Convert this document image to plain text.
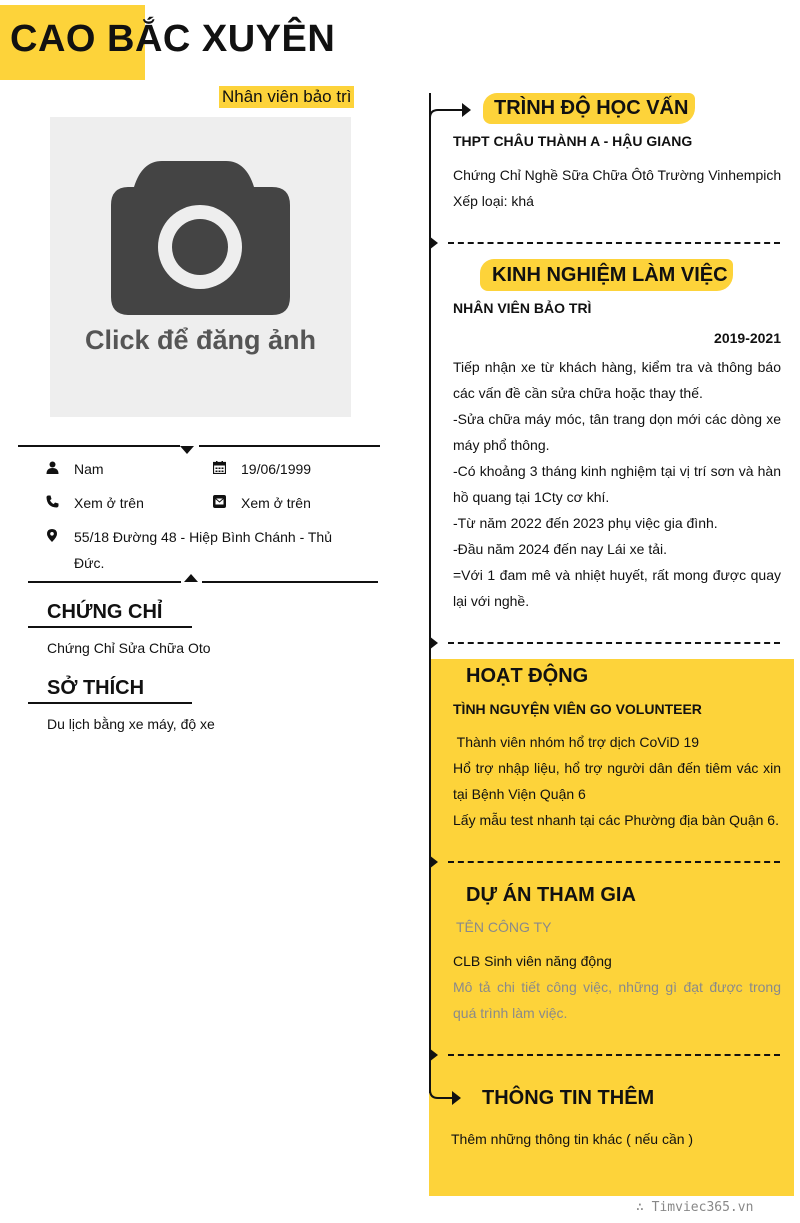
CAO BẮC XUYÊN
Nhân viên bảo trì
Click để đăng ảnh
Nam	19/06/1999
Xem ở trên	Xem ở trên
55/18 Đường 48 - Hiệp Bình Chánh - Thủ
Đức.
CHỨNG CHỈ
Chứng Chỉ Sửa Chữa Oto
SỞ THÍCH
Du lịch bằng xe máy, độ xe
TRÌNH ĐỘ HỌC VẤN
THPT CHÂU THÀNH A - HẬU GIANG
Chứng Chỉ Nghề Sữa Chữa Ôtô Trường Vinhempich
Xếp loại: khá
KINH NGHIỆM LÀM VIỆC
NHÂN VIÊN BẢO TRÌ
2019-2021
Tiếp nhận xe từ khách hàng, kiểm tra và thông báo các vấn đề cần sửa chữa hoặc thay thế.
-Sửa chữa máy móc, tân trang dọn mới các dòng xe máy phổ thông.
-Có khoảng 3 tháng kinh nghiệm tại vị trí sơn và hàn hồ quang tại 1Cty cơ khí.
-Từ năm 2022 đến 2023 phụ việc gia đình.
-Đầu năm 2024 đến nay Lái xe tải.
=Với 1 đam mê và nhiệt huyết, rất mong được quay lại với nghề.
HOẠT ĐỘNG
TÌNH NGUYỆN VIÊN GO VOLUNTEER
Thành viên nhóm hổ trợ dịch CoViD 19
Hổ trợ nhập liệu, hổ trợ người dân đến tiêm vác xin tại Bệnh Viện Quận 6
Lấy mẫu test nhanh tại các Phường địa bàn Quận 6.
DỰ ÁN THAM GIA
TÊN CÔNG TY
CLB Sinh viên năng động
Mô tả chi tiết công việc, những gì đạt được trong quá trình làm việc.
THÔNG TIN THÊM
Thêm những thông tin khác ( nếu cần )
∴ Timviec365.vn
